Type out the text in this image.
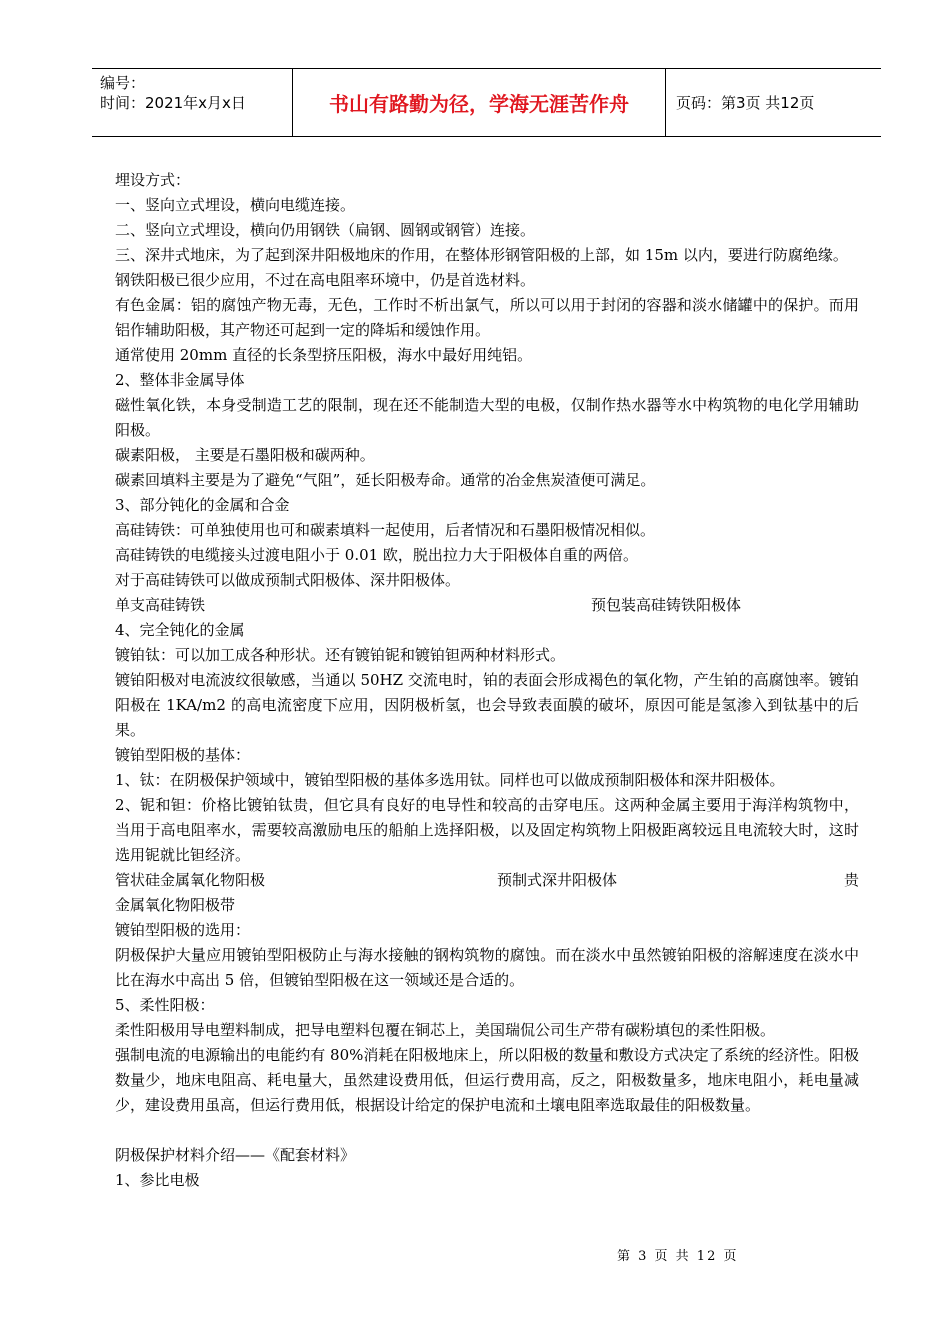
编号：
时间：2021年x月x日	书山有路勤为径，学海无涯苦作舟	页码：第3页 共12页

埋设方式：

一、竖向立式埋设，横向电缆连接。

二、竖向立式埋设，横向仍用钢铁（扁钢、圆钢或钢管）连接。

三、深井式地床，为了起到深井阳极地床的作用，在整体形钢管阳极的上部，如 15m 以内，要进行防腐绝缘。

钢铁阳极已很少应用，不过在高电阻率环境中，仍是首选材料。

有色金属：铝的腐蚀产物无毒，无色，工作时不析出氯气，所以可以用于封闭的容器和淡水储罐中的保护。而用铝作辅助阳极，其产物还可起到一定的降垢和缓蚀作用。

通常使用 20mm 直径的长条型挤压阳极，海水中最好用纯铝。

2、整体非金属导体

磁性氧化铁，本身受制造工艺的限制，现在还不能制造大型的电极，仅制作热水器等水中构筑物的电化学用辅助阳极。

碳素阳极， 主要是石墨阳极和碳两种。

碳素回填料主要是为了避免“气阻”，延长阳极寿命。通常的冶金焦炭渣便可满足。

3、部分钝化的金属和合金

高硅铸铁：可单独使用也可和碳素填料一起使用，后者情况和石墨阳极情况相似。

高硅铸铁的电缆接头过渡电阻小于 0.01 欧，脱出拉力大于阳极体自重的两倍。

对于高硅铸铁可以做成预制式阳极体、深井阳极体。

单支高硅铸铁	预包装高硅铸铁阳极体

4、完全钝化的金属

镀铂钛：可以加工成各种形状。还有镀铂铌和镀铂钽两种材料形式。

镀铂阳极对电流波纹很敏感，当通以 50HZ 交流电时，铂的表面会形成褐色的氧化物，产生铂的高腐蚀率。镀铂阳极在 1KA/m2 的高电流密度下应用，因阴极析氢，也会导致表面膜的破坏，原因可能是氢渗入到钛基中的后果。

镀铂型阳极的基体：

1、钛：在阴极保护领域中，镀铂型阳极的基体多选用钛。同样也可以做成预制阳极体和深井阳极体。

2、铌和钽：价格比镀铂钛贵，但它具有良好的电导性和较高的击穿电压。这两种金属主要用于海洋构筑物中，当用于高电阻率水，需要较高激励电压的船舶上选择阳极，以及固定构筑物上阳极距离较远且电流较大时，这时选用铌就比钽经济。

管状硅金属氧化物阳极	预制式深井阳极体	贵

金属氧化物阳极带

镀铂型阳极的选用：

阴极保护大量应用镀铂型阳极防止与海水接触的钢构筑物的腐蚀。而在淡水中虽然镀铂阳极的溶解速度在淡水中比在海水中高出 5 倍，但镀铂型阳极在这一领域还是合适的。

5、柔性阳极：

柔性阳极用导电塑料制成，把导电塑料包覆在铜芯上，美国瑞侃公司生产带有碳粉填包的柔性阳极。

强制电流的电源输出的电能约有 80%消耗在阳极地床上，所以阳极的数量和敷设方式决定了系统的经济性。阳极数量少，地床电阻高、耗电量大，虽然建设费用低，但运行费用高，反之，阳极数量多，地床电阻小，耗电量减少，建设费用虽高，但运行费用低，根据设计给定的保护电流和土壤电阻率选取最佳的阳极数量。

阴极保护材料介绍——《配套材料》

1、参比电极

第 3 页 共 12 页
